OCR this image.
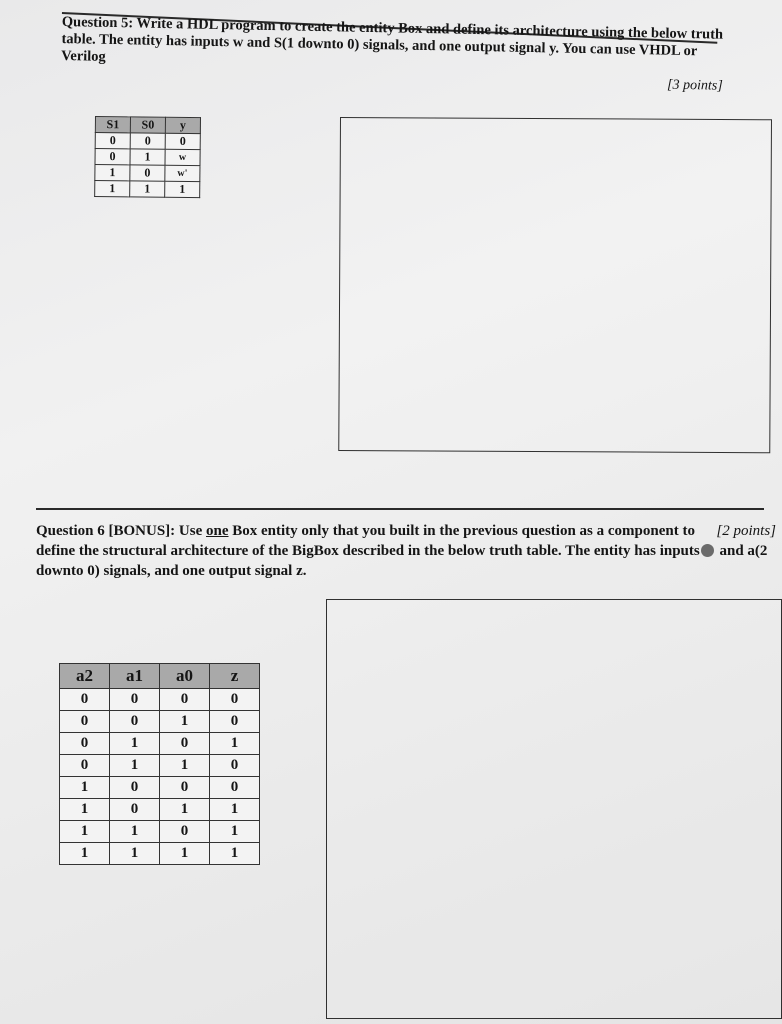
Question 5: Write a HDL program to create the entity Box and define its architecture using the below truth table. The entity has inputs w and S(1 downto 0) signals, and one output signal y. You can use VHDL or Verilog
[3 points]
S1	S0	y
0	0	0
0	1	w
1	0	w'
1	1	1
[2 points]
Question 6 [BONUS]: Use one Box entity only that you built in the previous question as a component to define the structural architecture of the BigBox described in the below truth table. The entity has inputs and a(2 downto 0) signals, and one output signal z.
a2	a1	a0	z
0	0	0	0
0	0	1	0
0	1	0	1
0	1	1	0
1	0	0	0
1	0	1	1
1	1	0	1
1	1	1	1
